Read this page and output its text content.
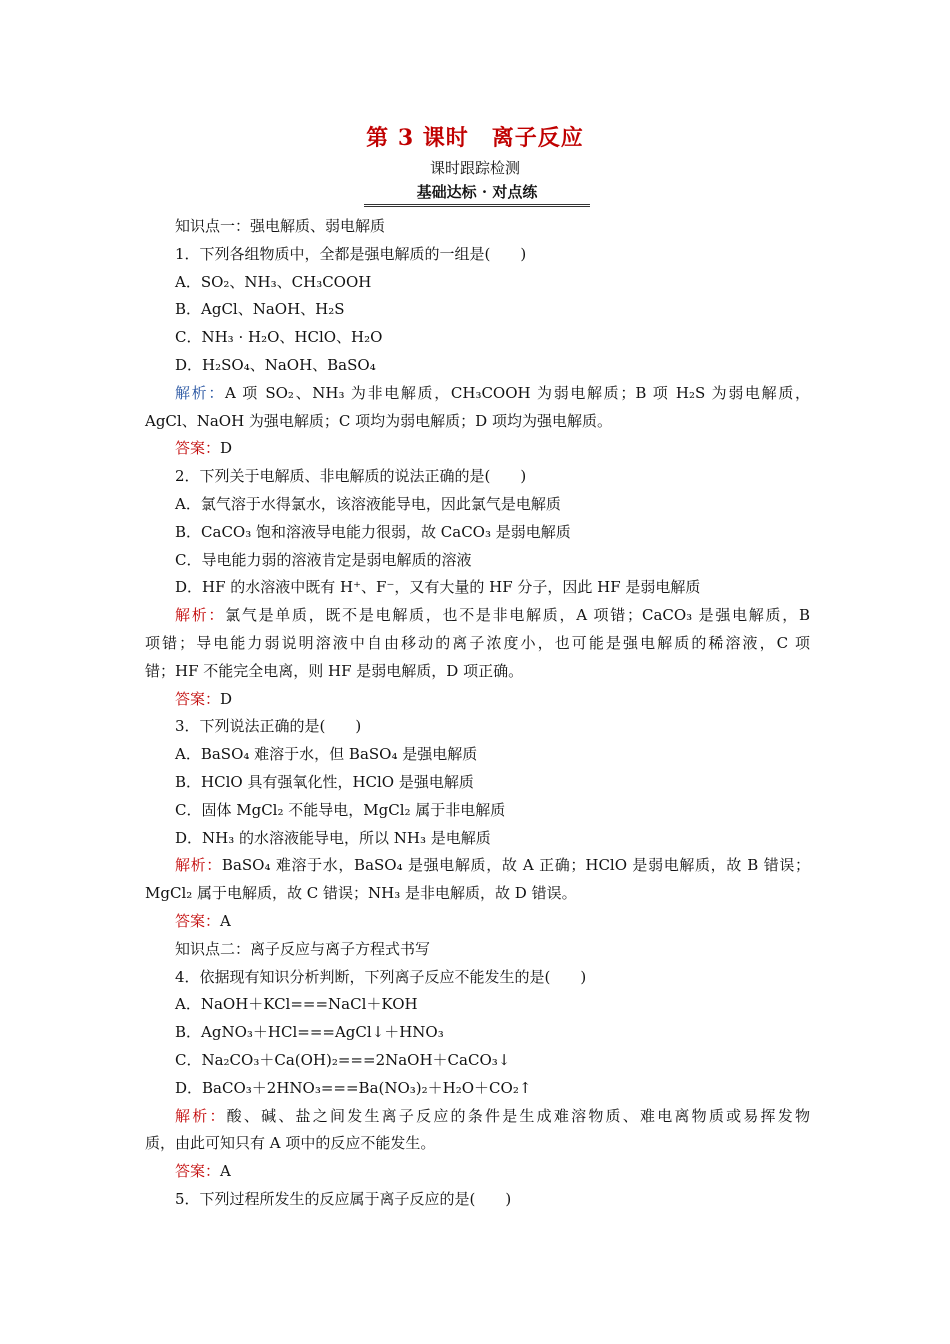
第 3 课时　离子反应
课时跟踪检测
基础达标 · 对点练
知识点一：强电解质、弱电解质
1．下列各组物质中，全都是强电解质的一组是(　　)
A．SO₂、NH₃、CH₃COOH
B．AgCl、NaOH、H₂S
C．NH₃ · H₂O、HClO、H₂O
D．H₂SO₄、NaOH、BaSO₄
解析：A 项 SO₂、NH₃ 为非电解质，CH₃COOH 为弱电解质；B 项 H₂S 为弱电解质，
AgCl、NaOH 为强电解质；C 项均为弱电解质；D 项均为强电解质。
答案：D
2．下列关于电解质、非电解质的说法正确的是(　　)
A．氯气溶于水得氯水，该溶液能导电，因此氯气是电解质
B．CaCO₃ 饱和溶液导电能力很弱，故 CaCO₃ 是弱电解质
C．导电能力弱的溶液肯定是弱电解质的溶液
D．HF 的水溶液中既有 H⁺、F⁻，又有大量的 HF 分子，因此 HF 是弱电解质
解析：氯气是单质，既不是电解质，也不是非电解质，A 项错；CaCO₃ 是强电解质，B
项错；导电能力弱说明溶液中自由移动的离子浓度小，也可能是强电解质的稀溶液，C 项
错；HF 不能完全电离，则 HF 是弱电解质，D 项正确。
答案：D
3．下列说法正确的是(　　)
A．BaSO₄ 难溶于水，但 BaSO₄ 是强电解质
B．HClO 具有强氧化性，HClO 是强电解质
C．固体 MgCl₂ 不能导电，MgCl₂ 属于非电解质
D．NH₃ 的水溶液能导电，所以 NH₃ 是电解质
解析：BaSO₄ 难溶于水，BaSO₄ 是强电解质，故 A 正确；HClO 是弱电解质，故 B 错误；
MgCl₂ 属于电解质，故 C 错误；NH₃ 是非电解质，故 D 错误。
答案：A
知识点二：离子反应与离子方程式书写
4．依据现有知识分析判断，下列离子反应不能发生的是(　　)
A．NaOH＋KCl===NaCl＋KOH
B．AgNO₃＋HCl===AgCl↓＋HNO₃
C．Na₂CO₃＋Ca(OH)₂===2NaOH＋CaCO₃↓
D．BaCO₃＋2HNO₃===Ba(NO₃)₂＋H₂O＋CO₂↑
解析：酸、碱、盐之间发生离子反应的条件是生成难溶物质、难电离物质或易挥发物
质，由此可知只有 A 项中的反应不能发生。
答案：A
5．下列过程所发生的反应属于离子反应的是(　　)
